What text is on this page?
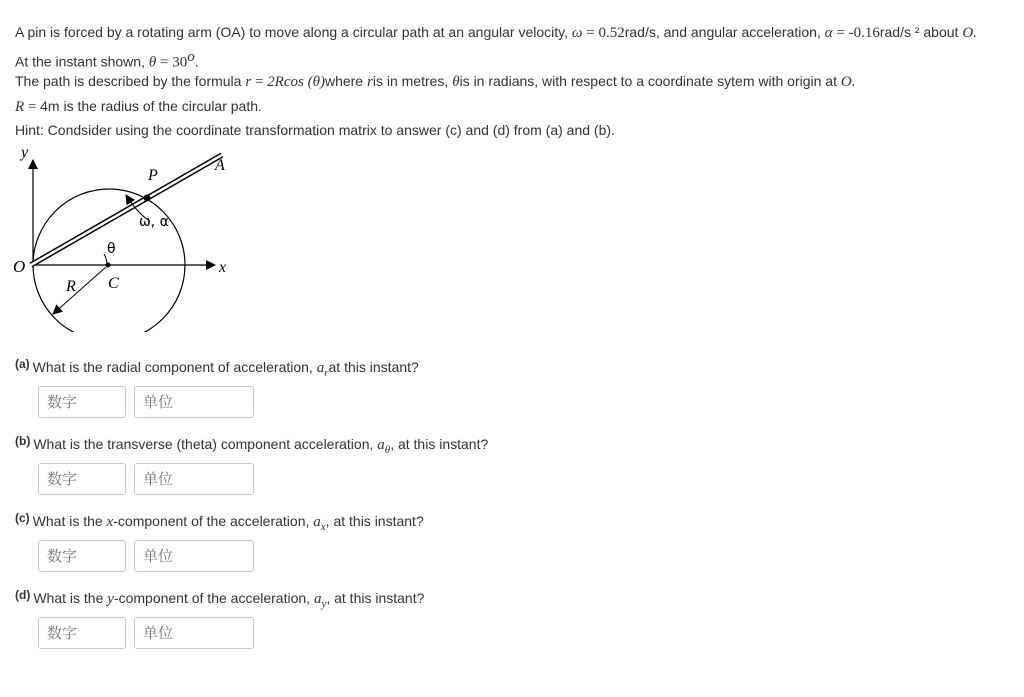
A pin is forced by a rotating arm (OA) to move along a circular path at an angular velocity, ω = 0.52rad/s, and angular acceleration, α = -0.16rad/s ² about O.

At the instant shown, $\theta = 30^o$.

The path is described by the formula r = 2Rcos (θ)where ris in metres, θis in radians, with respect to a coordinate sytem with origin at O.

R = 4m is the radius of the circular path.

Hint: Condsider using the coordinate transformation matrix to answer (c) and (d) from (a) and (b).

y
x
O
P
A
R C
θ
ω, α
(a) What is the radial component of acceleration, $a_rat$ this instant?
数字
单位
(b) What is the transverse (theta) component acceleration, $a_\theta$, at this instant?
数字
单位
(c) What is the x-component of the acceleration, $a_x$, at this instant?
数字
单位
(d) What is the y-component of the acceleration, $a_y$, at this instant?
数字
单位
